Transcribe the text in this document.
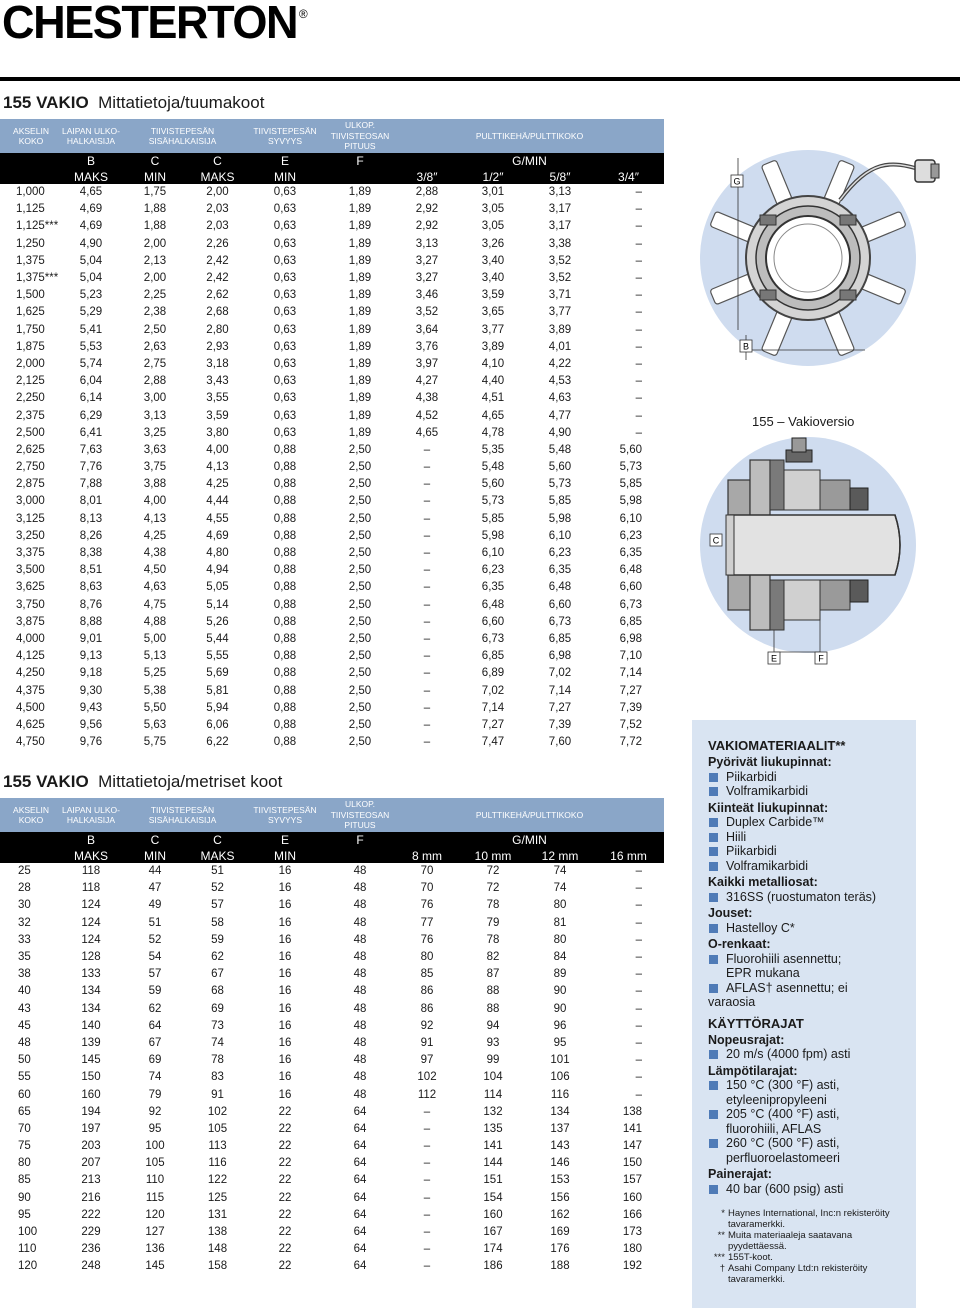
CHESTERTON ®
155 VAKIO Mittatietoja/tuumakoot
AKSELIN KOKO	LAIPAN ULKO-HALKAISIJA	TIIVISTEPESÄN SISÄHALKAISIJA		TIIVISTEPESÄN SYVYYS	ULKOP. TIIVISTEOSAN PITUUS	PULTTIKEHÄ/PULTTIKOKO			
	B	C	C	E	F	G/MIN			
	MAKS	MIN	MAKS	MIN		3/8″	1/2″	5/8″	3/4″
1,000	4,65	1,75	2,00	0,63	1,89	2,88	3,01	3,13	–
1,125	4,69	1,88	2,03	0,63	1,89	2,92	3,05	3,17	–
1,125***	4,69	1,88	2,03	0,63	1,89	2,92	3,05	3,17	–
1,250	4,90	2,00	2,26	0,63	1,89	3,13	3,26	3,38	–
1,375	5,04	2,13	2,42	0,63	1,89	3,27	3,40	3,52	–
1,375***	5,04	2,00	2,42	0,63	1,89	3,27	3,40	3,52	–
1,500	5,23	2,25	2,62	0,63	1,89	3,46	3,59	3,71	–
1,625	5,29	2,38	2,68	0,63	1,89	3,52	3,65	3,77	–
1,750	5,41	2,50	2,80	0,63	1,89	3,64	3,77	3,89	–
1,875	5,53	2,63	2,93	0,63	1,89	3,76	3,89	4,01	–
2,000	5,74	2,75	3,18	0,63	1,89	3,97	4,10	4,22	–
2,125	6,04	2,88	3,43	0,63	1,89	4,27	4,40	4,53	–
2,250	6,14	3,00	3,55	0,63	1,89	4,38	4,51	4,63	–
2,375	6,29	3,13	3,59	0,63	1,89	4,52	4,65	4,77	–
2,500	6,41	3,25	3,80	0,63	1,89	4,65	4,78	4,90	–
2,625	7,63	3,63	4,00	0,88	2,50	–	5,35	5,48	5,60
2,750	7,76	3,75	4,13	0,88	2,50	–	5,48	5,60	5,73
2,875	7,88	3,88	4,25	0,88	2,50	–	5,60	5,73	5,85
3,000	8,01	4,00	4,44	0,88	2,50	–	5,73	5,85	5,98
3,125	8,13	4,13	4,55	0,88	2,50	–	5,85	5,98	6,10
3,250	8,26	4,25	4,69	0,88	2,50	–	5,98	6,10	6,23
3,375	8,38	4,38	4,80	0,88	2,50	–	6,10	6,23	6,35
3,500	8,51	4,50	4,94	0,88	2,50	–	6,23	6,35	6,48
3,625	8,63	4,63	5,05	0,88	2,50	–	6,35	6,48	6,60
3,750	8,76	4,75	5,14	0,88	2,50	–	6,48	6,60	6,73
3,875	8,88	4,88	5,26	0,88	2,50	–	6,60	6,73	6,85
4,000	9,01	5,00	5,44	0,88	2,50	–	6,73	6,85	6,98
4,125	9,13	5,13	5,55	0,88	2,50	–	6,85	6,98	7,10
4,250	9,18	5,25	5,69	0,88	2,50	–	6,89	7,02	7,14
4,375	9,30	5,38	5,81	0,88	2,50	–	7,02	7,14	7,27
4,500	9,43	5,50	5,94	0,88	2,50	–	7,14	7,27	7,39
4,625	9,56	5,63	6,06	0,88	2,50	–	7,27	7,39	7,52
4,750	9,76	5,75	6,22	0,88	2,50	–	7,47	7,60	7,72
155 VAKIO Mittatietoja/metriset koot
AKSELIN KOKO	LAIPAN ULKO-HALKAISIJA	TIIVISTEPESÄN SISÄHALKAISIJA		TIIVISTEPESÄN SYVYYS	ULKOP. TIIVISTEOSAN PITUUS	PULTTIKEHÄ/PULTTIKOKO			
	B	C	C	E	F	G/MIN			
	MAKS	MIN	MAKS	MIN		8 mm	10 mm	12 mm	16 mm
25	118	44	51	16	48	70	72	74	–
28	118	47	52	16	48	70	72	74	–
30	124	49	57	16	48	76	78	80	–
32	124	51	58	16	48	77	79	81	–
33	124	52	59	16	48	76	78	80	–
35	128	54	62	16	48	80	82	84	–
38	133	57	67	16	48	85	87	89	–
40	134	59	68	16	48	86	88	90	–
43	134	62	69	16	48	86	88	90	–
45	140	64	73	16	48	92	94	96	–
48	139	67	74	16	48	91	93	95	–
50	145	69	78	16	48	97	99	101	–
55	150	74	83	16	48	102	104	106	–
60	160	79	91	16	48	112	114	116	–
65	194	92	102	22	64	–	132	134	138
70	197	95	105	22	64	–	135	137	141
75	203	100	113	22	64	–	141	143	147
80	207	105	116	22	64	–	144	146	150
85	213	110	122	22	64	–	151	153	157
90	216	115	125	22	64	–	154	156	160
95	222	120	131	22	64	–	160	162	166
100	229	127	138	22	64	–	167	169	173
110	236	136	148	22	64	–	174	176	180
120	248	145	158	22	64	–	186	188	192
G
B
C
E	F
155 – Vakioversio
VAKIOMATERIAALIT**
Pyörivät liukupinnat:
Piikarbidi
Volframikarbidi
Kiinteät liukupinnat:
Duplex Carbide™
Hiili
Piikarbidi
Volframikarbidi
Kaikki metalliosat:
316SS (ruostumaton teräs)
Jouset:
Hastelloy C*
O-renkaat:
Fluorohiili asennettu;
EPR mukana
AFLAS† asennettu; ei
varaosia
KÄYTTÖRAJAT
Nopeusrajat:
20 m/s (4000 fpm) asti
Lämpötilarajat:
150 °C (300 °F) asti,
etyleenipropyleeni
205 °C (400 °F) asti,
fluorohiili, AFLAS
260 °C (500 °F) asti,
perfluoroelastomeeri
Painerajat:
40 bar (600 psig) asti
* Haynes International, Inc:n rekisteröity
tavaramerkki.
** Muita materiaaleja saatavana
pyydettäessä.
*** 155T-koot.
† Asahi Company Ltd:n rekisteröity
tavaramerkki.
